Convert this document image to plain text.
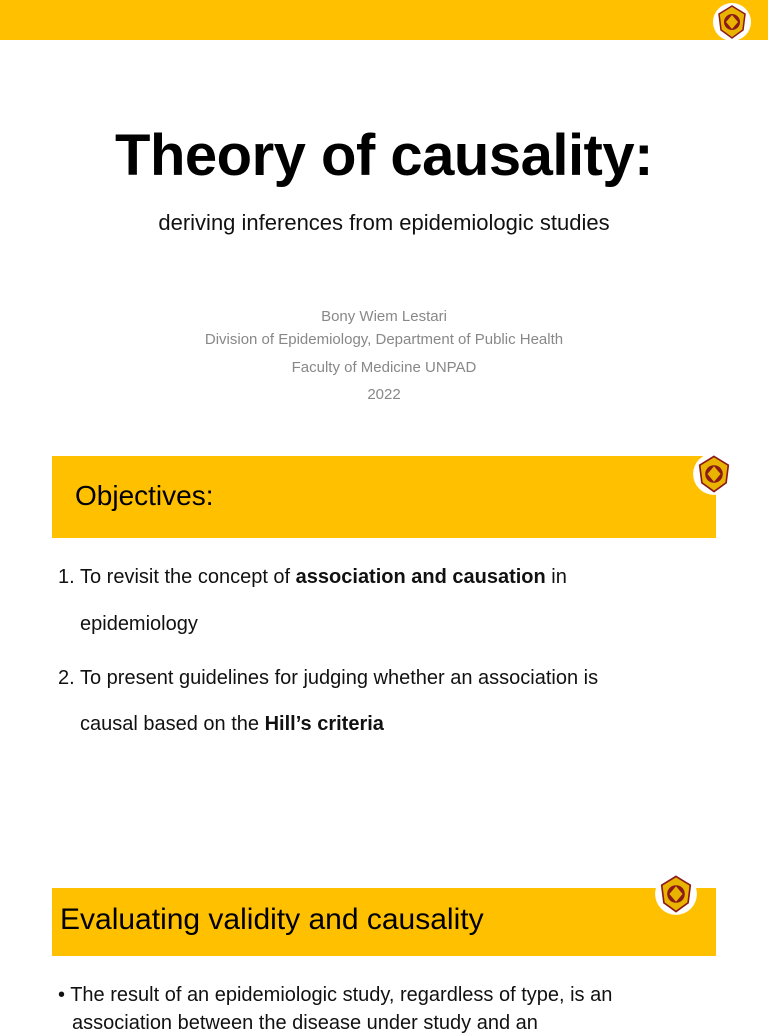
Theory of causality:
deriving inferences from epidemiologic studies
Bony Wiem Lestari
Division of Epidemiology, Department of Public Health
Faculty of Medicine UNPAD
2022
Objectives:
1. To revisit the concept of association and causation in
epidemiology
2. To present guidelines for judging whether an association is
causal based on the Hill’s criteria
Evaluating validity and causality
• The result of an epidemiologic study, regardless of type, is an
association between the disease under study and an
